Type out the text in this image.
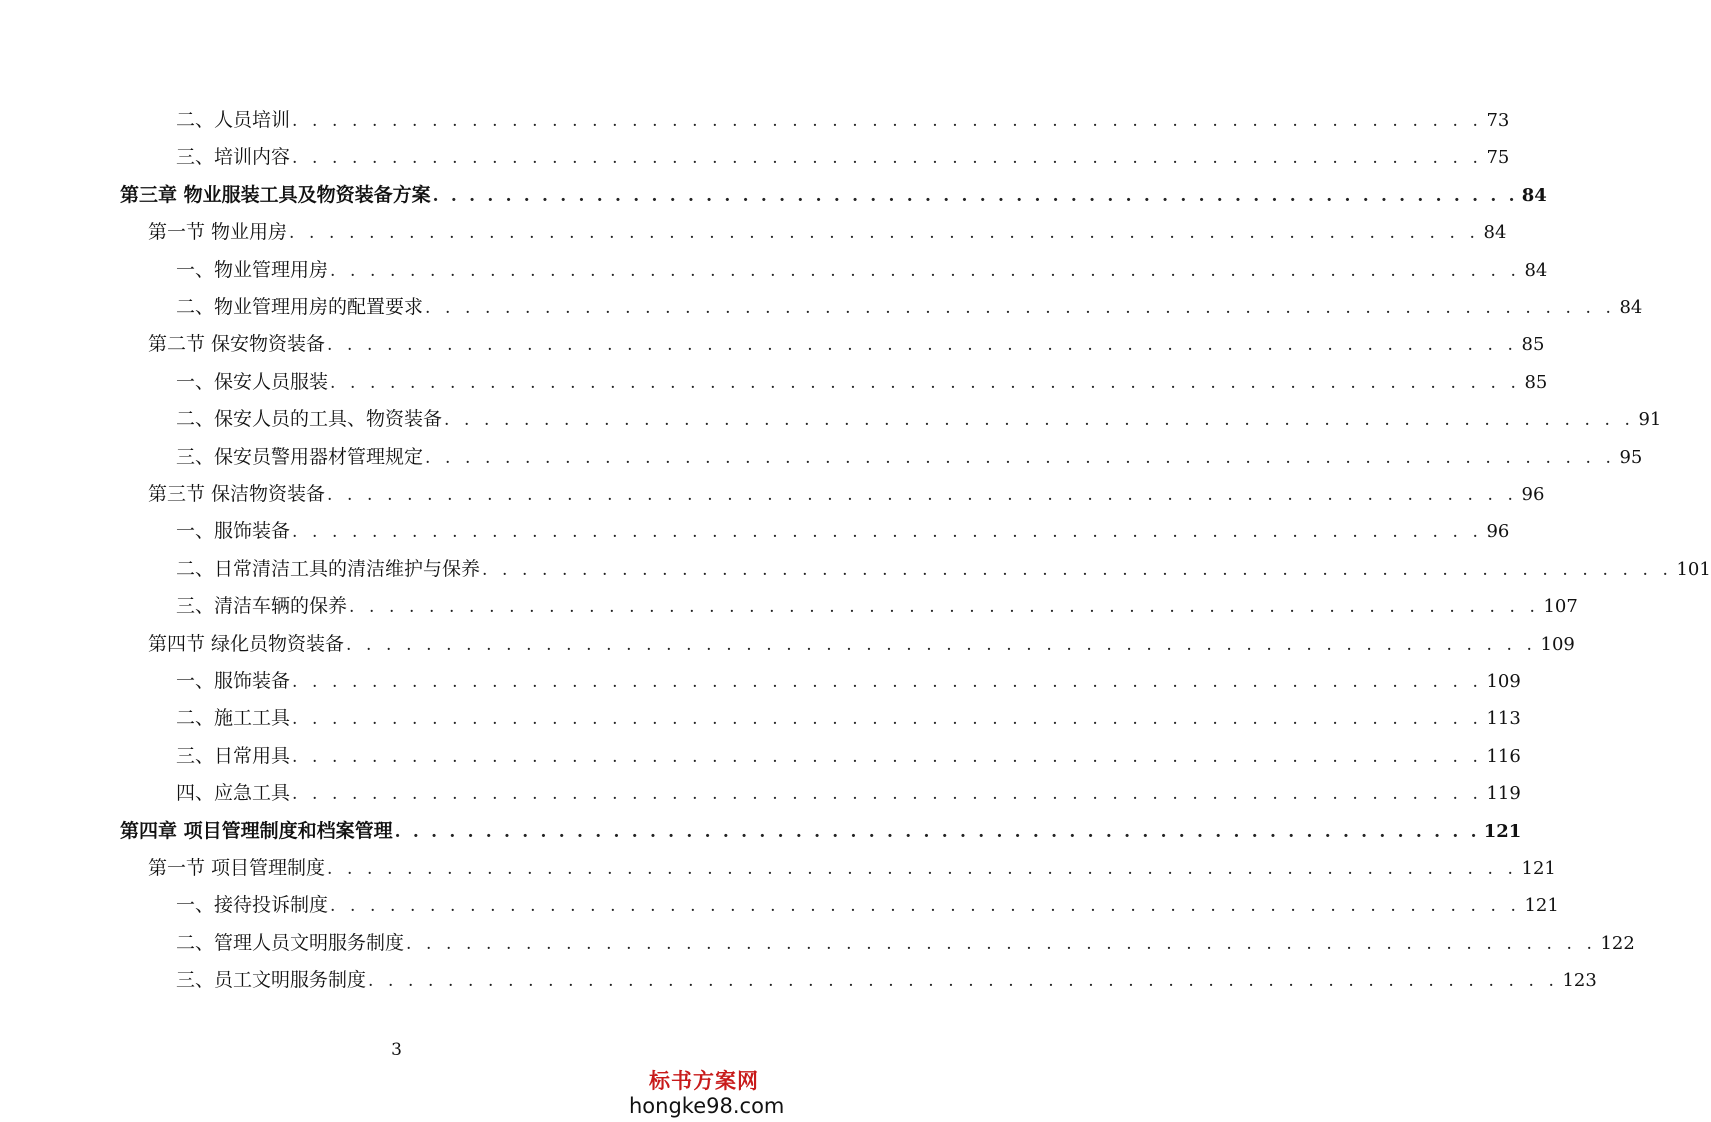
二、人员培训 . . . . . . . . . . . . . . . . . . . . . . . . . . . . . . . . . . . . . . . . . . . . . . . . . . . . . . . . . . . . 73
三、培训内容 . . . . . . . . . . . . . . . . . . . . . . . . . . . . . . . . . . . . . . . . . . . . . . . . . . . . . . . . . . . . 75
第三章 物业服装工具及物资装备方案 . . . . . . . . . . . . . . . . . . . . . . . . . . . . . . . . . . . . . . . . . . . . . . . . . . . . . . . . . . . . 84
第一节 物业用房 . . . . . . . . . . . . . . . . . . . . . . . . . . . . . . . . . . . . . . . . . . . . . . . . . . . . . . . . . . . . 84
一、物业管理用房 . . . . . . . . . . . . . . . . . . . . . . . . . . . . . . . . . . . . . . . . . . . . . . . . . . . . . . . . . . . . 84
二、物业管理用房的配置要求 . . . . . . . . . . . . . . . . . . . . . . . . . . . . . . . . . . . . . . . . . . . . . . . . . . . . . . . . . . . . 84
第二节 保安物资装备 . . . . . . . . . . . . . . . . . . . . . . . . . . . . . . . . . . . . . . . . . . . . . . . . . . . . . . . . . . . . 85
一、保安人员服装 . . . . . . . . . . . . . . . . . . . . . . . . . . . . . . . . . . . . . . . . . . . . . . . . . . . . . . . . . . . . 85
二、保安人员的工具、物资装备 . . . . . . . . . . . . . . . . . . . . . . . . . . . . . . . . . . . . . . . . . . . . . . . . . . . . . . . . . . . . 91
三、保安员警用器材管理规定 . . . . . . . . . . . . . . . . . . . . . . . . . . . . . . . . . . . . . . . . . . . . . . . . . . . . . . . . . . . . 95
第三节 保洁物资装备 . . . . . . . . . . . . . . . . . . . . . . . . . . . . . . . . . . . . . . . . . . . . . . . . . . . . . . . . . . . . 96
一、服饰装备 . . . . . . . . . . . . . . . . . . . . . . . . . . . . . . . . . . . . . . . . . . . . . . . . . . . . . . . . . . . . 96
二、日常清洁工具的清洁维护与保养 . . . . . . . . . . . . . . . . . . . . . . . . . . . . . . . . . . . . . . . . . . . . . . . . . . . . . . . . . . . . 101
三、清洁车辆的保养 . . . . . . . . . . . . . . . . . . . . . . . . . . . . . . . . . . . . . . . . . . . . . . . . . . . . . . . . . . . . 107
第四节 绿化员物资装备 . . . . . . . . . . . . . . . . . . . . . . . . . . . . . . . . . . . . . . . . . . . . . . . . . . . . . . . . . . . . 109
一、服饰装备 . . . . . . . . . . . . . . . . . . . . . . . . . . . . . . . . . . . . . . . . . . . . . . . . . . . . . . . . . . . . 109
二、施工工具 . . . . . . . . . . . . . . . . . . . . . . . . . . . . . . . . . . . . . . . . . . . . . . . . . . . . . . . . . . . . 113
三、日常用具 . . . . . . . . . . . . . . . . . . . . . . . . . . . . . . . . . . . . . . . . . . . . . . . . . . . . . . . . . . . . 116
四、应急工具 . . . . . . . . . . . . . . . . . . . . . . . . . . . . . . . . . . . . . . . . . . . . . . . . . . . . . . . . . . . . 119
第四章 项目管理制度和档案管理 . . . . . . . . . . . . . . . . . . . . . . . . . . . . . . . . . . . . . . . . . . . . . . . . . . . . . . . . . . . . 121
第一节 项目管理制度 . . . . . . . . . . . . . . . . . . . . . . . . . . . . . . . . . . . . . . . . . . . . . . . . . . . . . . . . . . . . 121
一、接待投诉制度 . . . . . . . . . . . . . . . . . . . . . . . . . . . . . . . . . . . . . . . . . . . . . . . . . . . . . . . . . . . . 121
二、管理人员文明服务制度 . . . . . . . . . . . . . . . . . . . . . . . . . . . . . . . . . . . . . . . . . . . . . . . . . . . . . . . . . . . . 122
三、员工文明服务制度 . . . . . . . . . . . . . . . . . . . . . . . . . . . . . . . . . . . . . . . . . . . . . . . . . . . . . . . . . . . . 123
3
标书方案网
hongke98.com
